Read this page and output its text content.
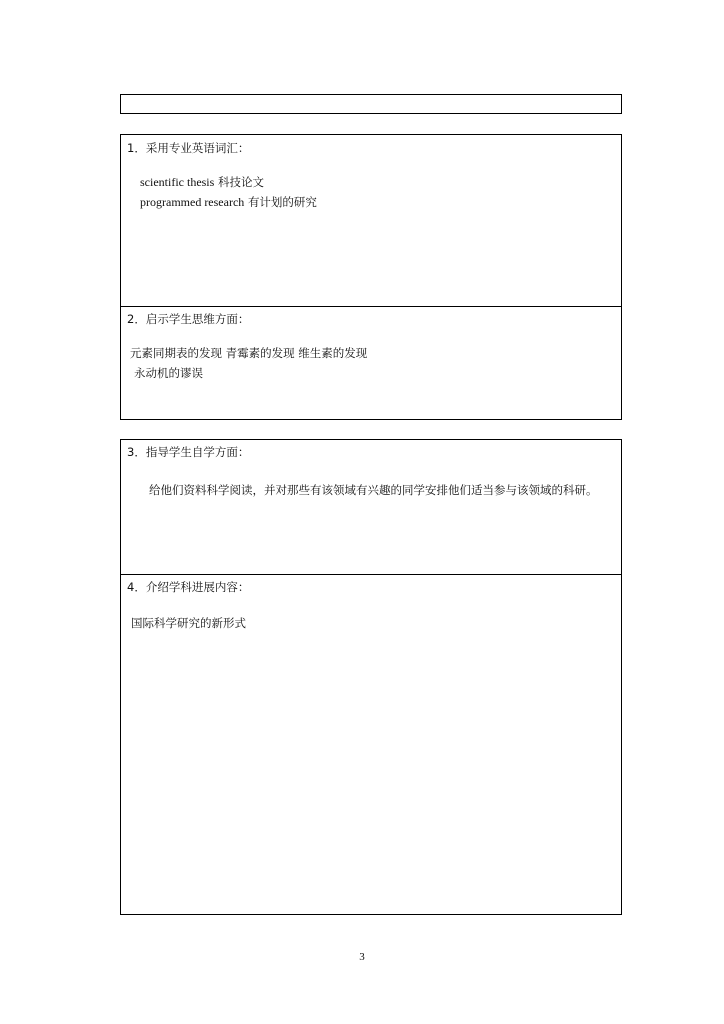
1．采用专业英语词汇：

scientific thesis 科技论文

programmed research 有计划的研究

2．启示学生思维方面：

元素同期表的发现 青霉素的发现 维生素的发现

永动机的谬误

3．指导学生自学方面：

给他们资料科学阅读，并对那些有该领域有兴趣的同学安排他们适当参与该领域的科研。

4．介绍学科进展内容：

国际科学研究的新形式

3
